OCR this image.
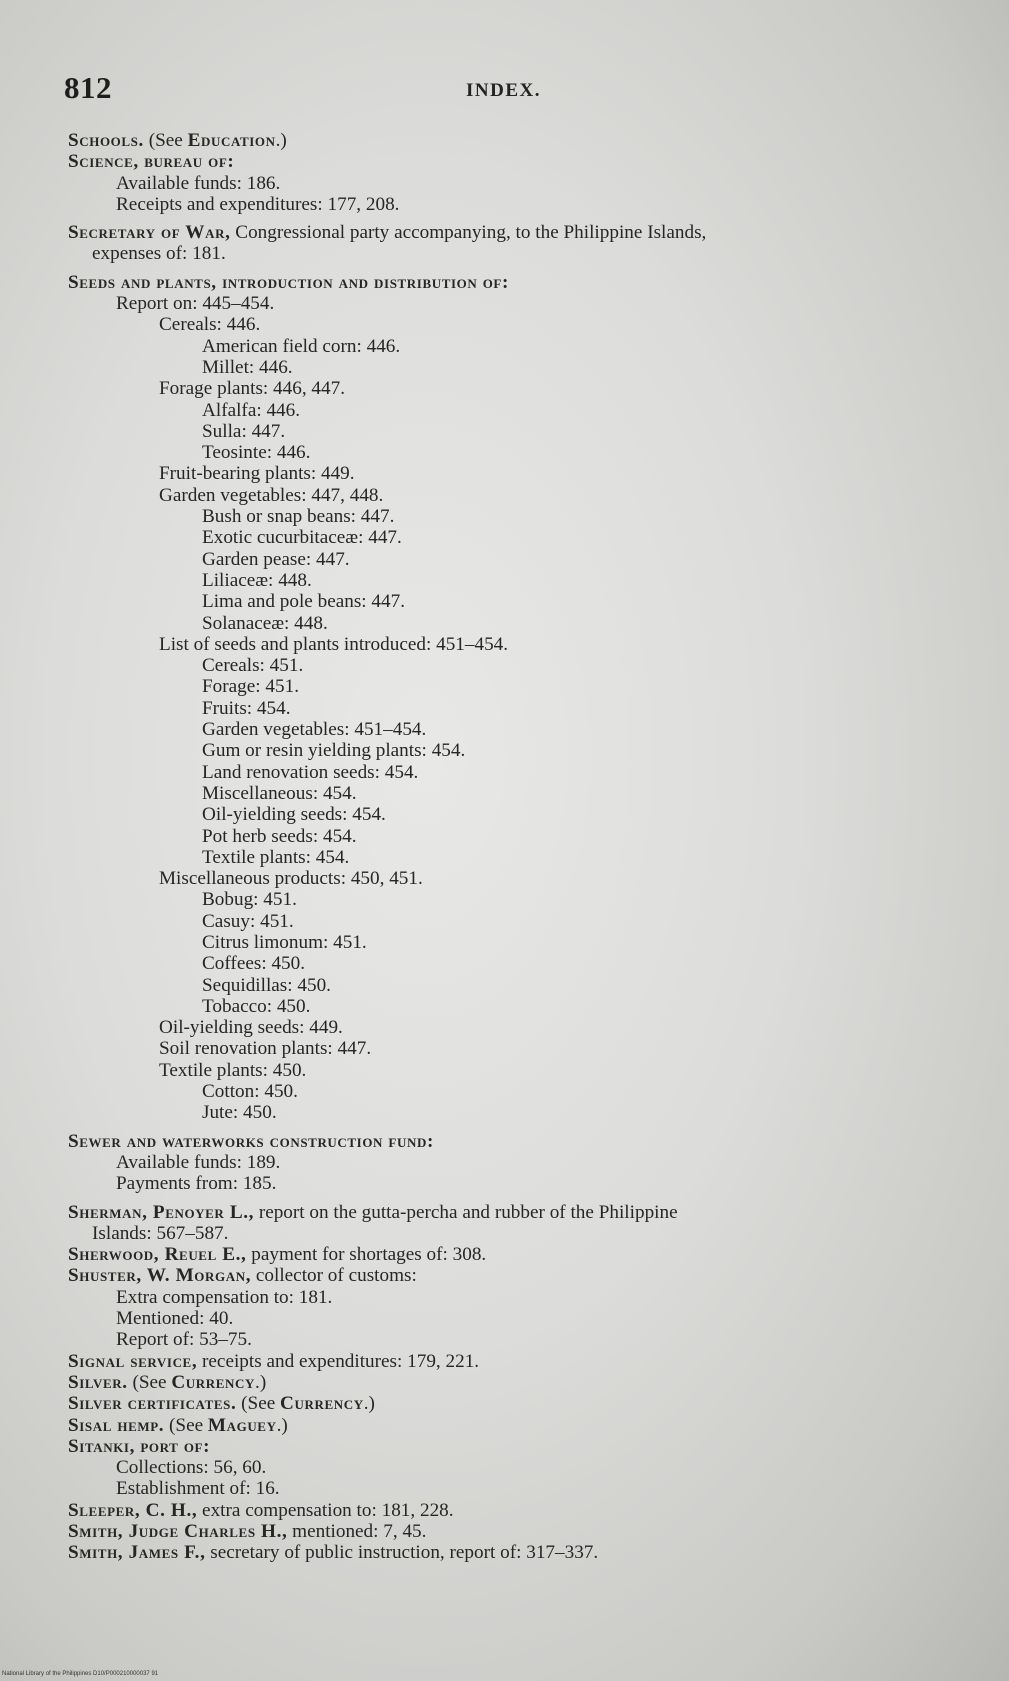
812	INDEX.
Schools. (See Education.)
Science, bureau of:
Available funds: 186.
Receipts and expenditures: 177, 208.
Secretary of War, Congressional party accompanying, to the Philippine Islands,
expenses of: 181.
Seeds and plants, introduction and distribution of:
Report on: 445–454.
Cereals: 446.
American field corn: 446.
Millet: 446.
Forage plants: 446, 447.
Alfalfa: 446.
Sulla: 447.
Teosinte: 446.
Fruit-bearing plants: 449.
Garden vegetables: 447, 448.
Bush or snap beans: 447.
Exotic cucurbitaceæ: 447.
Garden pease: 447.
Liliaceæ: 448.
Lima and pole beans: 447.
Solanaceæ: 448.
List of seeds and plants introduced: 451–454.
Cereals: 451.
Forage: 451.
Fruits: 454.
Garden vegetables: 451–454.
Gum or resin yielding plants: 454.
Land renovation seeds: 454.
Miscellaneous: 454.
Oil-yielding seeds: 454.
Pot herb seeds: 454.
Textile plants: 454.
Miscellaneous products: 450, 451.
Bobug: 451.
Casuy: 451.
Citrus limonum: 451.
Coffees: 450.
Sequidillas: 450.
Tobacco: 450.
Oil-yielding seeds: 449.
Soil renovation plants: 447.
Textile plants: 450.
Cotton: 450.
Jute: 450.
Sewer and waterworks construction fund:
Available funds: 189.
Payments from: 185.
Sherman, Penoyer L., report on the gutta-percha and rubber of the Philippine
Islands: 567–587.
Sherwood, Reuel E., payment for shortages of: 308.
Shuster, W. Morgan, collector of customs:
Extra compensation to: 181.
Mentioned: 40.
Report of: 53–75.
Signal service, receipts and expenditures: 179, 221.
Silver. (See Currency.)
Silver certificates. (See Currency.)
Sisal hemp. (See Maguey.)
Sitanki, port of:
Collections: 56, 60.
Establishment of: 16.
Sleeper, C. H., extra compensation to: 181, 228.
Smith, Judge Charles H., mentioned: 7, 45.
Smith, James F., secretary of public instruction, report of: 317–337.
National Library of the Philippines D10/P000210000037 91
